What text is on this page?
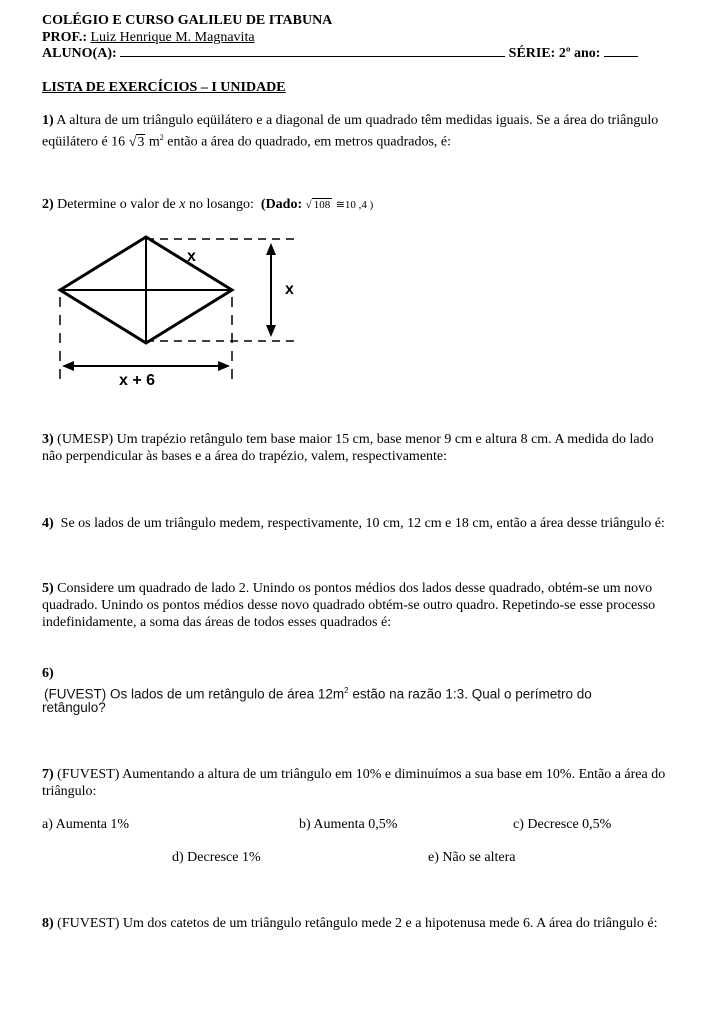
COLÉGIO E CURSO GALILEU DE ITABUNA
PROF.: Luiz Henrique M. Magnavita
ALUNO(A):	SÉRIE: 2º ano:
LISTA DE EXERCÍCIOS – I UNIDADE
1) A altura de um triângulo eqüilátero e a diagonal de um quadrado têm medidas iguais. Se a área do triângulo
eqüilátero é 16 √3 $m^2$ então a área do quadrado, em metros quadrados, é:
2) Determine o valor de x no losango: (Dado: √ 108 ≅10 ,4 )
x
x
x + 6
3) (UMESP) Um trapézio retângulo tem base maior 15 cm, base menor 9 cm e altura 8 cm. A medida do lado
não perpendicular às bases e a área do trapézio, valem, respectivamente:
4) Se os lados de um triângulo medem, respectivamente, 10 cm, 12 cm e 18 cm, então a área desse triângulo é:
5) Considere um quadrado de lado 2. Unindo os pontos médios dos lados desse quadrado, obtém-se um novo
quadrado. Unindo os pontos médios desse novo quadrado obtém-se outro quadro. Repetindo-se esse processo
indefinidamente, a soma das áreas de todos esses quadrados é:
6)
(FUVEST) Os lados de um retângulo de área $12m^2$ estão na razão 1:3. Qual o perímetro do
retângulo?
7) (FUVEST) Aumentando a altura de um triângulo em 10% e diminuímos a sua base em 10%. Então a área do
triângulo:
a) Aumenta 1%	b) Aumenta 0,5%	c) Decresce 0,5%
d) Decresce 1%	e) Não se altera
8) (FUVEST) Um dos catetos de um triângulo retângulo mede 2 e a hipotenusa mede 6. A área do triângulo é:
